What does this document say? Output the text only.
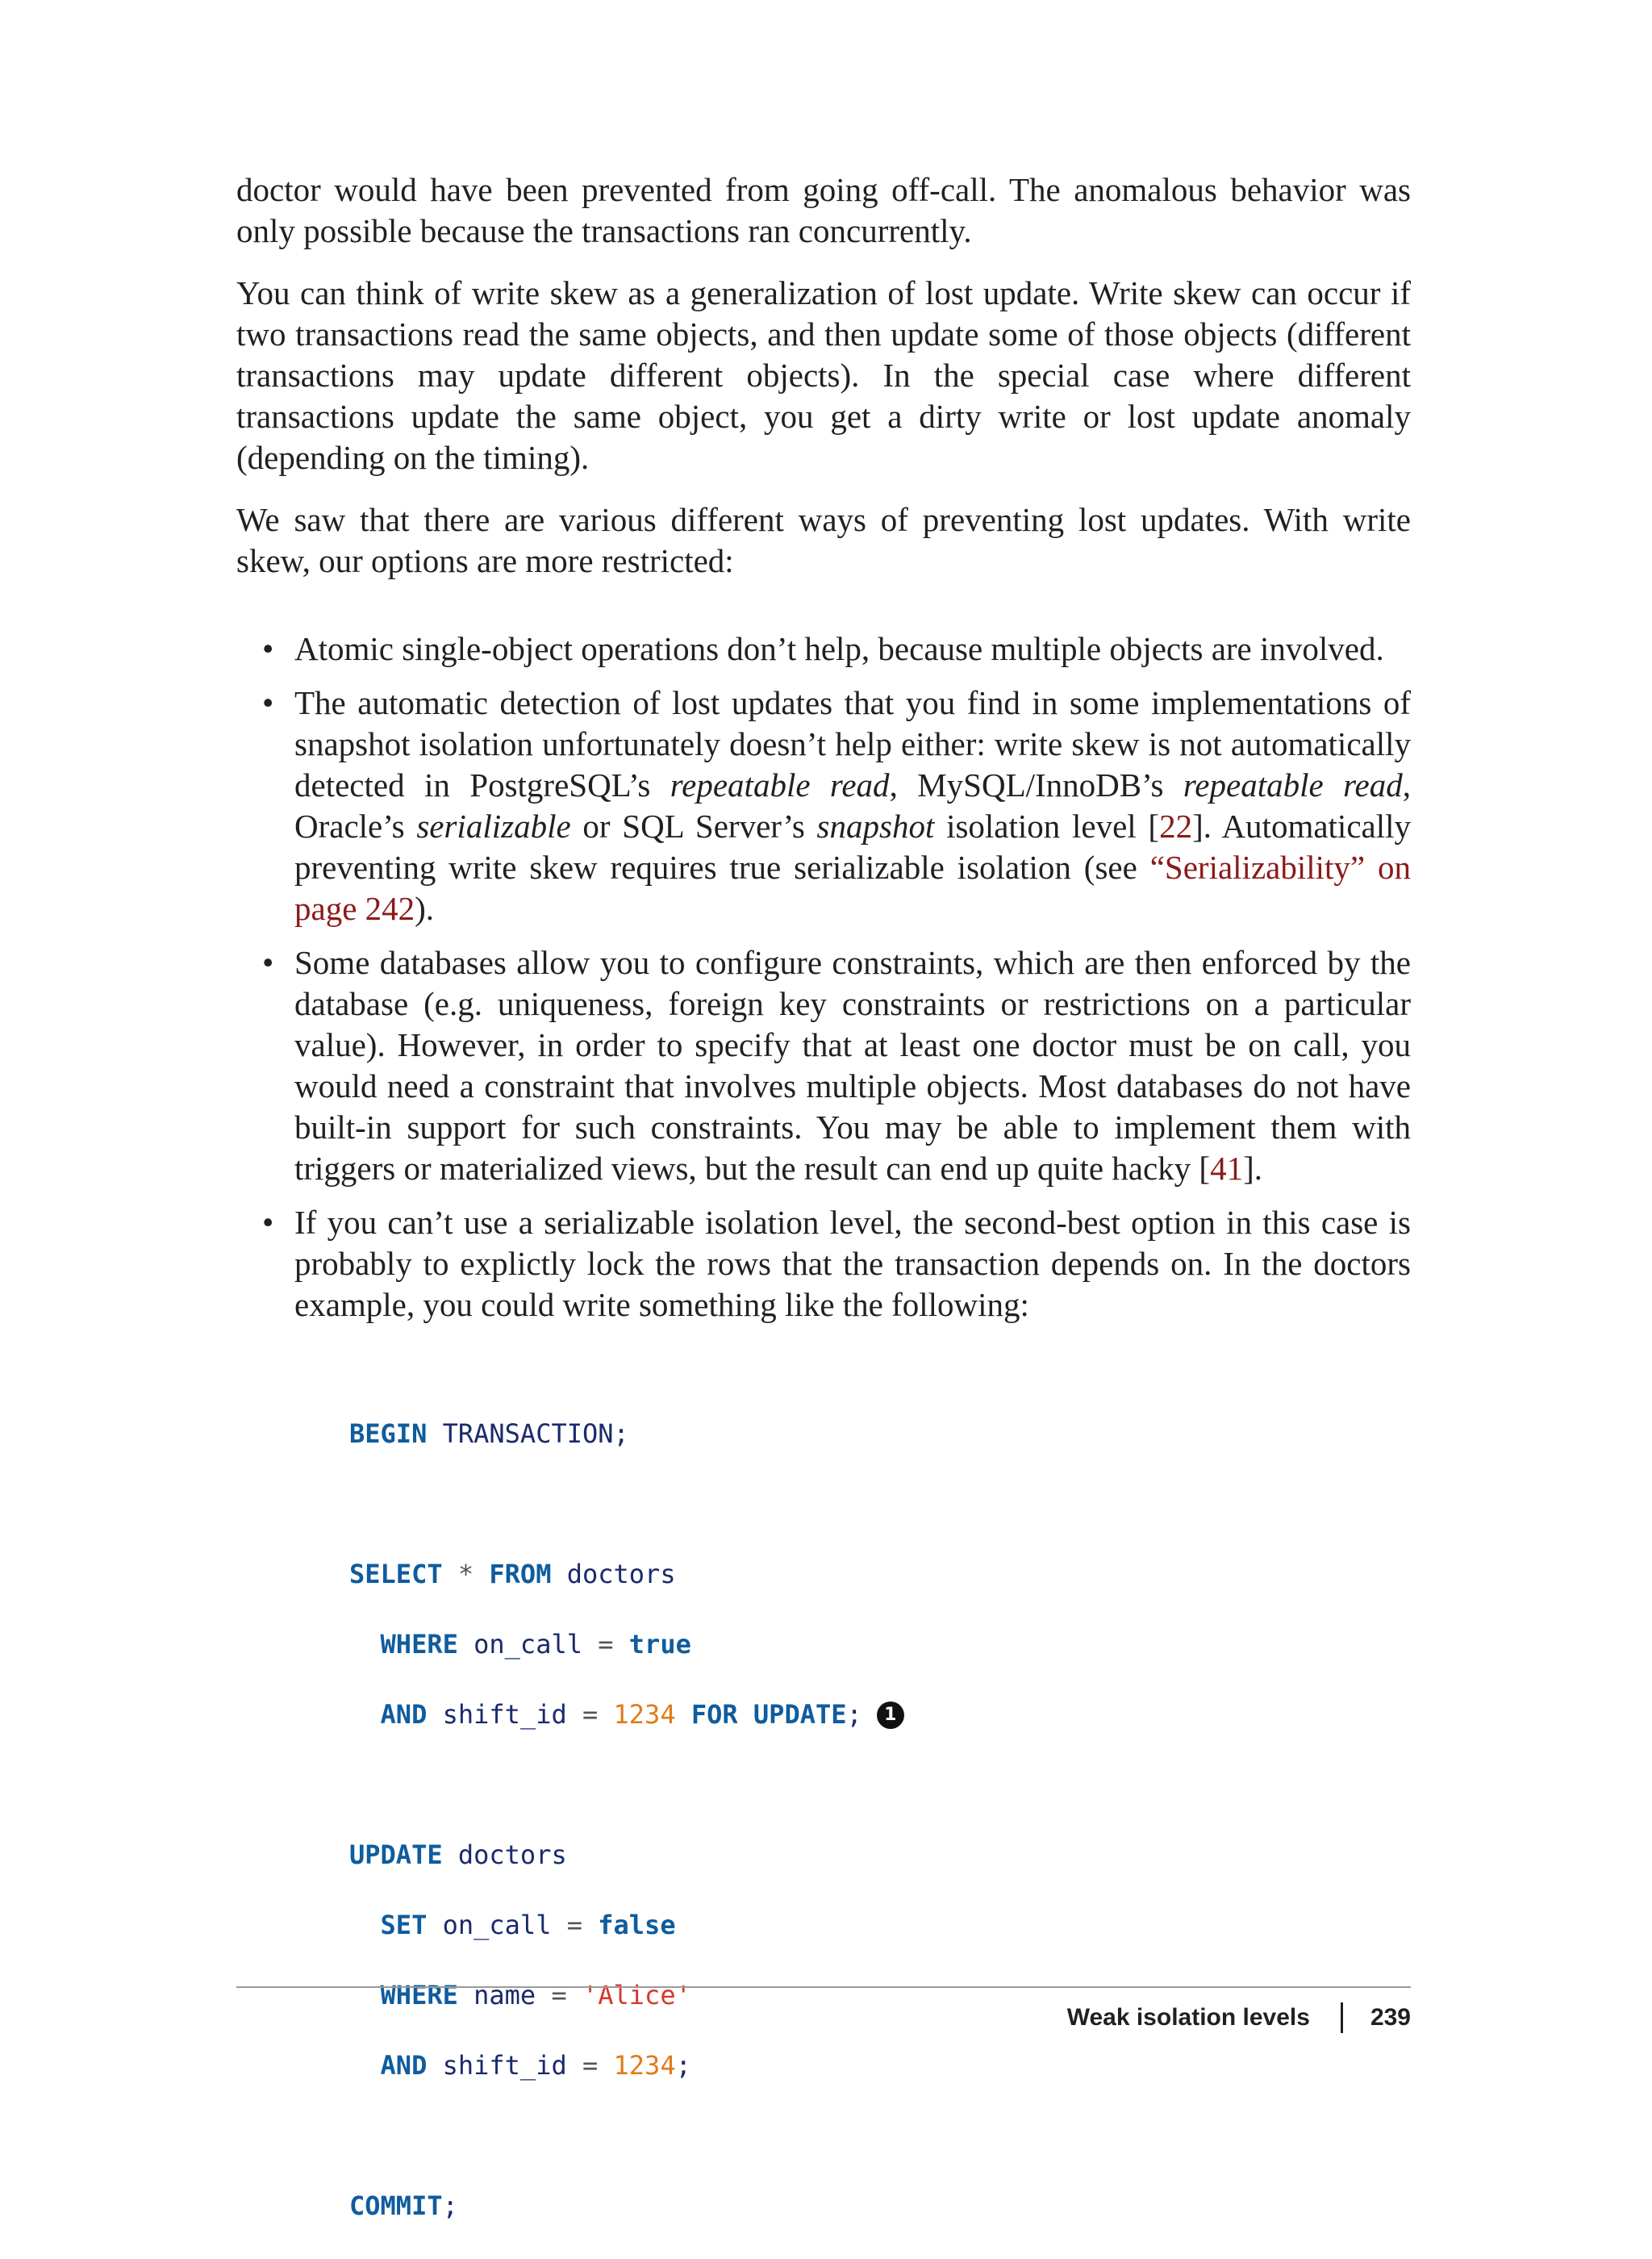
doctor would have been prevented from going off-call. The anomalous behavior was only possible because the transactions ran concurrently.

You can think of write skew as a generalization of lost update. Write skew can occur if two transactions read the same objects, and then update some of those objects (different transactions may update different objects). In the special case where different transactions update the same object, you get a dirty write or lost update anomaly (depending on the timing).

We saw that there are various different ways of preventing lost updates. With write skew, our options are more restricted:

• Atomic single-object operations don’t help, because multiple objects are involved.
• The automatic detection of lost updates that you find in some implementations of snapshot isolation unfortunately doesn’t help either: write skew is not automatically detected in PostgreSQL’s repeatable read, MySQL/InnoDB’s repeatable read, Oracle’s serializable or SQL Server’s snapshot isolation level [22]. Automatically preventing write skew requires true serializable isolation (see “Serializability” on page 242).
• Some databases allow you to configure constraints, which are then enforced by the database (e.g. uniqueness, foreign key constraints or restrictions on a particular value). However, in order to specify that at least one doctor must be on call, you would need a constraint that involves multiple objects. Most databases do not have built-in support for such constraints. You may be able to implement them with triggers or materialized views, but the result can end up quite hacky [41].
• If you can’t use a serializable isolation level, the second-best option in this case is probably to explictly lock the rows that the transaction depends on. In the doctors example, you could write something like the following:

BEGIN TRANSACTION;

SELECT * FROM doctors

WHERE on_call = true

AND shift_id = 1234 FOR UPDATE; 1

UPDATE doctors

SET on_call = false

WHERE name = 'Alice'

AND shift_id = 1234;

COMMIT;

Weak isolation levels	239
